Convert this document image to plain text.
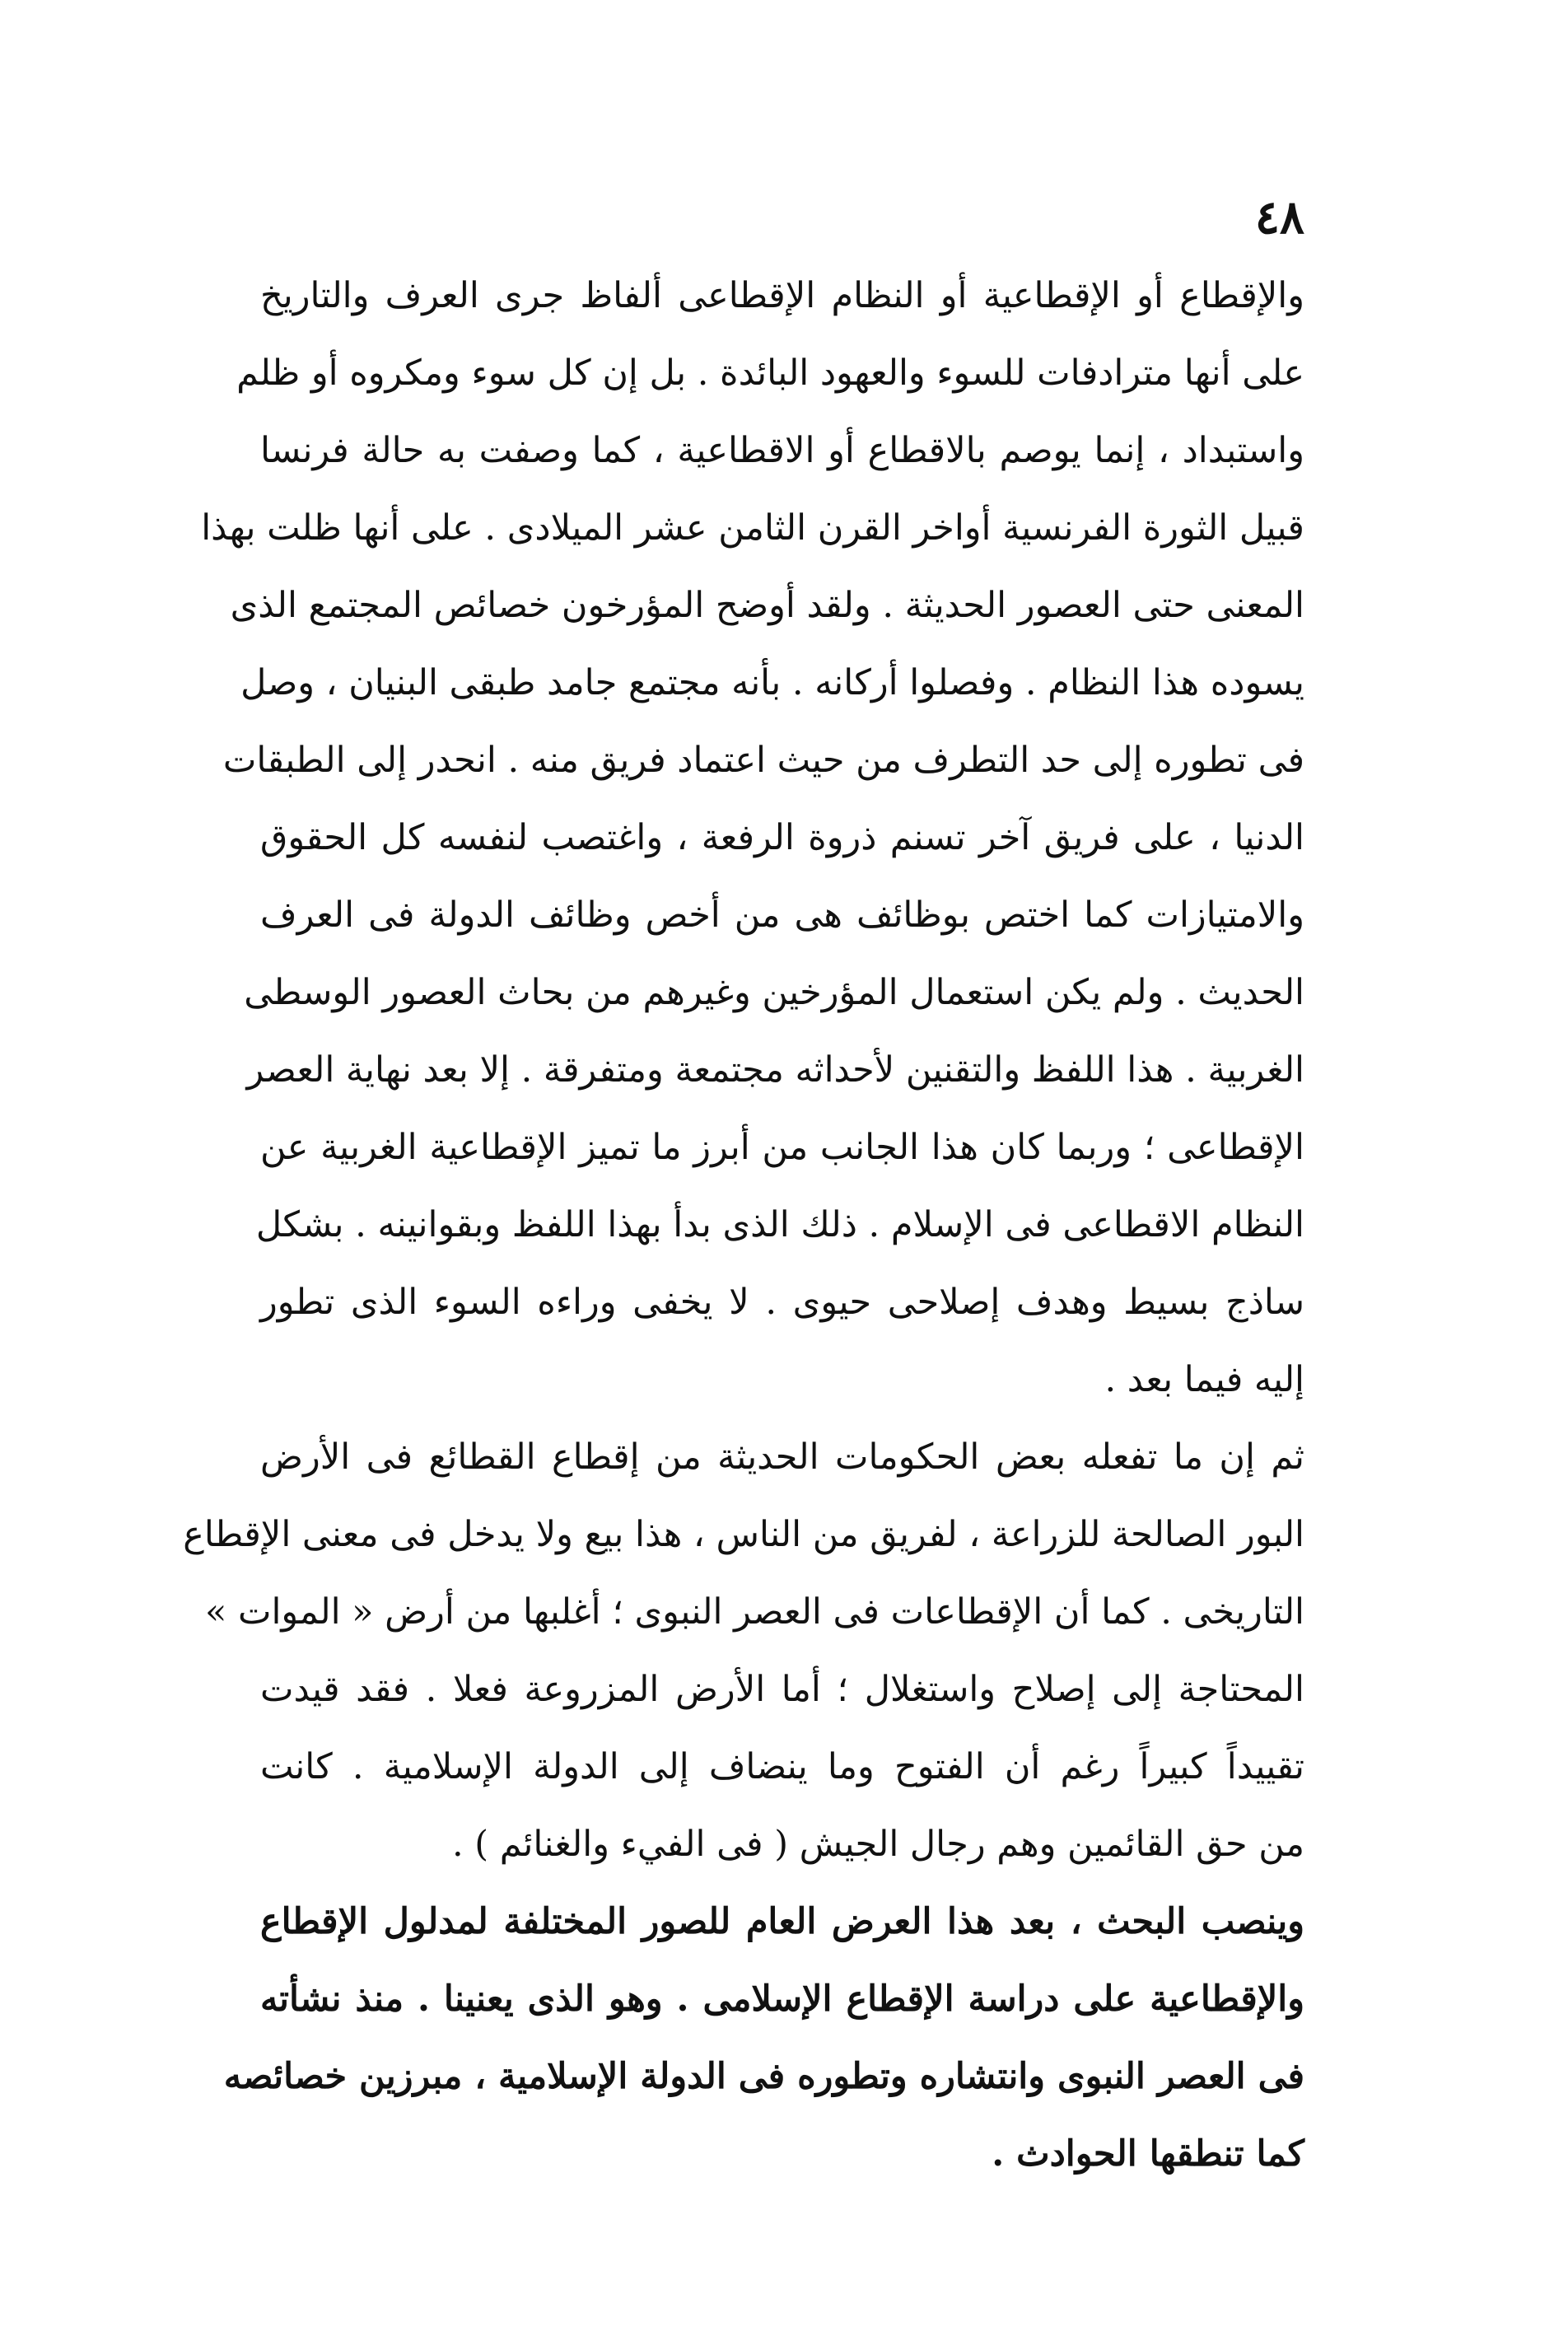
٤٨
والإقطاع أو الإقطاعية أو النظام الإقطاعى ألفاظ جرى العرف والتاريخ
على أنها مترادفات للسوء والعهود البائدة . بل إن كل سوء ومكروه أو ظلم
واستبداد ، إنما يوصم بالاقطاع أو الاقطاعية ، كما وصفت به حالة فرنسا
قبيل الثورة الفرنسية أواخر القرن الثامن عشر الميلادى . على أنها ظلت بهذا
المعنى حتى العصور الحديثة . ولقد أوضح المؤرخون خصائص المجتمع الذى
يسوده هذا النظام . وفصلوا أركانه . بأنه مجتمع جامد طبقى البنيان ، وصل
فى تطوره إلى حد التطرف من حيث اعتماد فريق منه . انحدر إلى الطبقات
الدنيا ، على فريق آخر تسنم ذروة الرفعة ، واغتصب لنفسه كل الحقوق
والامتيازات كما اختص بوظائف هى من أخص وظائف الدولة فى العرف
الحديث . ولم يكن استعمال المؤرخين وغيرهم من بحاث العصور الوسطى
الغربية . هذا اللفظ والتقنين لأحداثه مجتمعة ومتفرقة . إلا بعد نهاية العصر
الإقطاعى ؛ وربما كان هذا الجانب من أبرز ما تميز الإقطاعية الغربية عن
النظام الاقطاعى فى الإسلام . ذلك الذى بدأ بهذا اللفظ وبقوانينه . بشكل
ساذج بسيط وهدف إصلاحى حيوى . لا يخفى وراءه السوء الذى تطور
إليه فيما بعد .
ثم إن ما تفعله بعض الحكومات الحديثة من إقطاع القطائع فى الأرض
البور الصالحة للزراعة ، لفريق من الناس ، هذا بيع ولا يدخل فى معنى الإقطاع
التاريخى . كما أن الإقطاعات فى العصر النبوى ؛ أغلبها من أرض « الموات »
المحتاجة إلى إصلاح واستغلال ؛ أما الأرض المزروعة فعلا . فقد قيدت
تقييداً كبيراً رغم أن الفتوح وما ينضاف إلى الدولة الإسلامية . كانت
من حق القائمين وهم رجال الجيش ( فى الفيء والغنائم ) .
وينصب البحث ، بعد هذا العرض العام للصور المختلفة لمدلول الإقطاع
والإقطاعية على دراسة الإقطاع الإسلامى . وهو الذى يعنينا . منذ نشأته
فى العصر النبوى وانتشاره وتطوره فى الدولة الإسلامية ، مبرزين خصائصه
كما تنطقها الحوادث .
